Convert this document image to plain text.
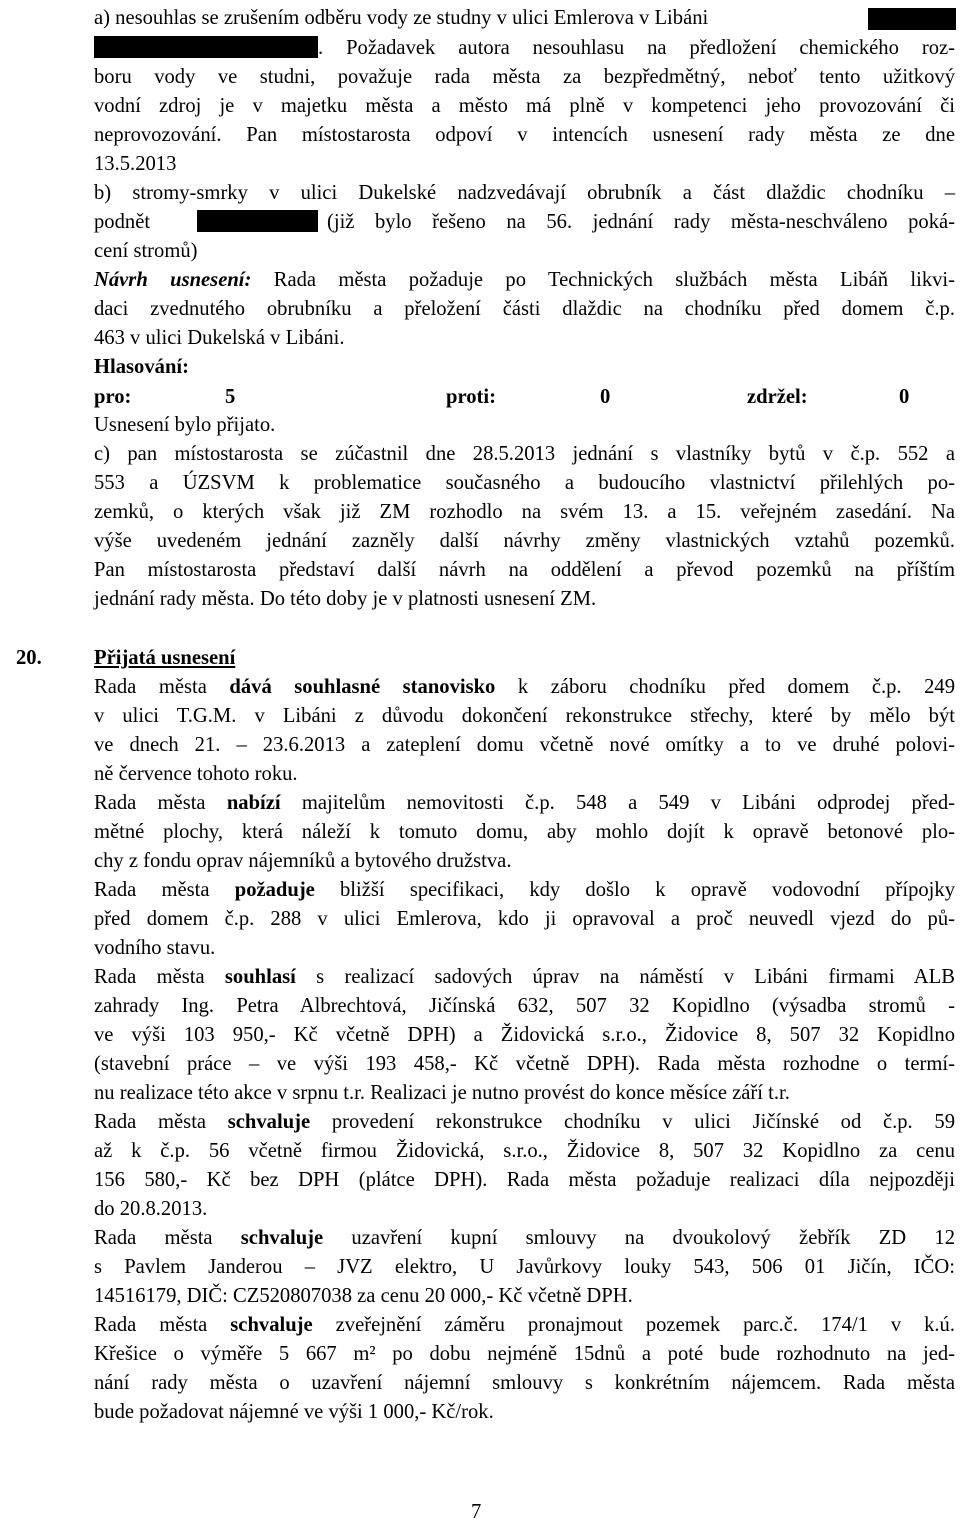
a) nesouhlas se zrušením odběru vody ze studny v ulici Emlerova v Libáni
. Požadavek autora nesouhlasu na předložení chemického roz-
boru vody ve studni, považuje rada města za bezpředmětný, neboť tento užitkový
vodní zdroj je v majetku města a město má plně v kompetenci jeho provozování či
neprovozování. Pan místostarosta odpoví v intencích usnesení rady města ze dne
13.5.2013
b) stromy-smrky v ulici Dukelské nadzvedávají obrubník a část dlaždic chodníku –
podnět	(již bylo řešeno na 56. jednání rady města-neschváleno poká-
cení stromů)
Návrh usnesení: Rada města požaduje po Technických službách města Libáň likvi-
daci zvednutého obrubníku a přeložení části dlaždic na chodníku před domem č.p.
463 v ulici Dukelská v Libáni.
Hlasování:
pro:	5	proti:	0	zdržel:	0
Usnesení bylo přijato.
c) pan místostarosta se zúčastnil dne 28.5.2013 jednání s vlastníky bytů v č.p. 552 a
553 a ÚZSVM k problematice současného a budoucího vlastnictví přilehlých po-
zemků, o kterých však již ZM rozhodlo na svém 13. a 15. veřejném zasedání. Na
výše uvedeném jednání zazněly další návrhy změny vlastnických vztahů pozemků.
Pan místostarosta představí další návrh na oddělení a převod pozemků na příštím
jednání rady města. Do této doby je v platnosti usnesení ZM.
20.	Přijatá usnesení
Rada města dává souhlasné stanovisko k záboru chodníku před domem č.p. 249
v ulici T.G.M. v Libáni z důvodu dokončení rekonstrukce střechy, které by mělo být
ve dnech 21. – 23.6.2013 a zateplení domu včetně nové omítky a to ve druhé polovi-
ně července tohoto roku.
Rada města nabízí majitelům nemovitosti č.p. 548 a 549 v Libáni odprodej před-
mětné plochy, která náleží k tomuto domu, aby mohlo dojít k opravě betonové plo-
chy z fondu oprav nájemníků a bytového družstva.
Rada města požaduje bližší specifikaci, kdy došlo k opravě vodovodní přípojky
před domem č.p. 288 v ulici Emlerova, kdo ji opravoval a proč neuvedl vjezd do pů-
vodního stavu.
Rada města souhlasí s realizací sadových úprav na náměstí v Libáni firmami ALB
zahrady Ing. Petra Albrechtová, Jičínská 632, 507 32 Kopidlno (výsadba stromů -
ve výši 103 950,- Kč včetně DPH) a Židovická s.r.o., Židovice 8, 507 32 Kopidlno
(stavební práce – ve výši 193 458,- Kč včetně DPH). Rada města rozhodne o termí-
nu realizace této akce v srpnu t.r. Realizaci je nutno provést do konce měsíce září t.r.
Rada města schvaluje provedení rekonstrukce chodníku v ulici Jičínské od č.p. 59
až k č.p. 56 včetně firmou Židovická, s.r.o., Židovice 8, 507 32 Kopidlno za cenu
156 580,- Kč bez DPH (plátce DPH). Rada města požaduje realizaci díla nejpozději
do 20.8.2013.
Rada města schvaluje uzavření kupní smlouvy na dvoukolový žebřík ZD 12
s Pavlem Janderou – JVZ elektro, U Javůrkovy louky 543, 506 01 Jičín, IČO:
14516179, DIČ: CZ520807038 za cenu 20 000,- Kč včetně DPH.
Rada města schvaluje zveřejnění záměru pronajmout pozemek parc.č. 174/1 v k.ú.
Křešice o výměře 5 667 m² po dobu nejméně 15dnů a poté bude rozhodnuto na jed-
nání rady města o uzavření nájemní smlouvy s konkrétním nájemcem. Rada města
bude požadovat nájemné ve výši 1 000,- Kč/rok.
7
